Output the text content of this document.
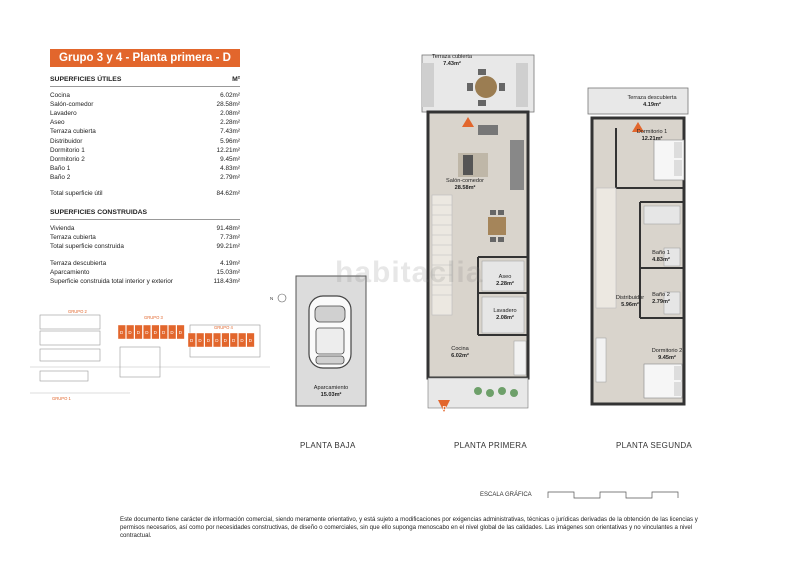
Grupo 3 y 4 - Planta primera - D
SUPERFICIES ÚTILES	M²
Cocina	6.02m²
Salón-comedor	28.58m²
Lavadero	2.08m²
Aseo	2.28m²
Terraza cubierta	7.43m²
Distribuidor	5.96m²
Dormitorio 1	12.21m²
Dormitorio 2	9.45m²
Baño 1	4.83m²
Baño 2	2.79m²
Total superficie útil	84.62m²
SUPERFICIES CONSTRUIDAS
Vivienda	91.48m²
Terraza cubierta	7.73m²
Total superficie construida	99.21m²
Terraza descubierta	4.19m²
Aparcamiento	15.03m²
Superficie construida total interior y exterior	118.43m²
D D D D D D D D
D D D D D D D D
GRUPO 2
GRUPO 3
GRUPO 4
GRUPO 1
N
Aparcamiento
15.03m²
Terraza cubierta
7.43m²
Salón-comedor
28.58m²
Aseo
2.28m²
Lavadero
2.08m²
Cocina
6.02m²
D
Terraza descubierta
4.19m²
Dormitorio 1
12.21m²
Baño 1
4.83m²
Baño 2
2.79m²
Distribuidor
5.96m²
Dormitorio 2
9.45m²
habitaclia
PLANTA BAJA	PLANTA PRIMERA	PLANTA SEGUNDA
ESCALA GRÁFICA
Este documento tiene carácter de información comercial, siendo meramente orientativo, y está sujeto a modificaciones por exigencias administrativas, técnicas o jurídicas derivadas de la obtención de las licencias y permisos necesarios, así como por necesidades constructivas, de diseño o comerciales, sin que ello suponga menoscabo en el nivel global de las calidades. Las imágenes son orientativas y no vinculantes a nivel contractual.
